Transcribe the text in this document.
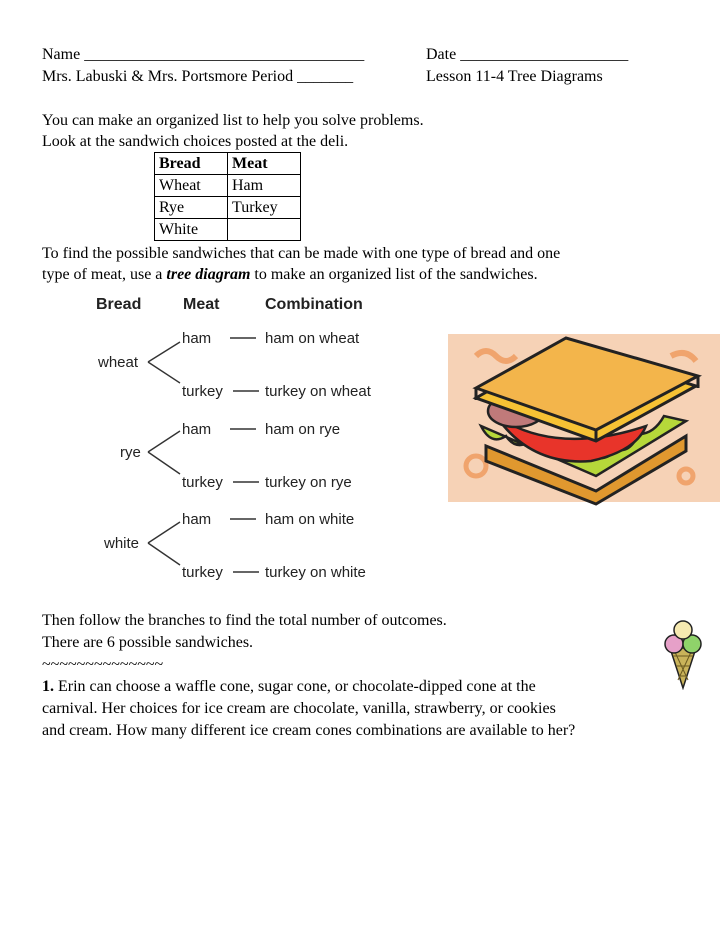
Name ___________________________________	Date _____________________
Mrs. Labuski & Mrs. Portsmore Period _______	Lesson 11-4 Tree Diagrams
You can make an organized list to help you solve problems.
Look at the sandwich choices posted at the deli.
Bread	Meat
Wheat	Ham
Rye	Turkey
White	
To find the possible sandwiches that can be made with one type of bread and one
type of meat, use a tree diagram to make an organized list of the sandwiches.
Bread	Meat	Combination
wheat
ham	ham on wheat
turkey	turkey on wheat
rye
ham	ham on rye
turkey	turkey on rye
white
ham	ham on white
turkey	turkey on white
Then follow the branches to find the total number of outcomes.
There are 6 possible sandwiches.
~~~~~~~~~~~~~~
1. Erin can choose a waffle cone, sugar cone, or chocolate-dipped cone at the
carnival. Her choices for ice cream are chocolate, vanilla, strawberry, or cookies
and cream. How many different ice cream cones combinations are available to her?
